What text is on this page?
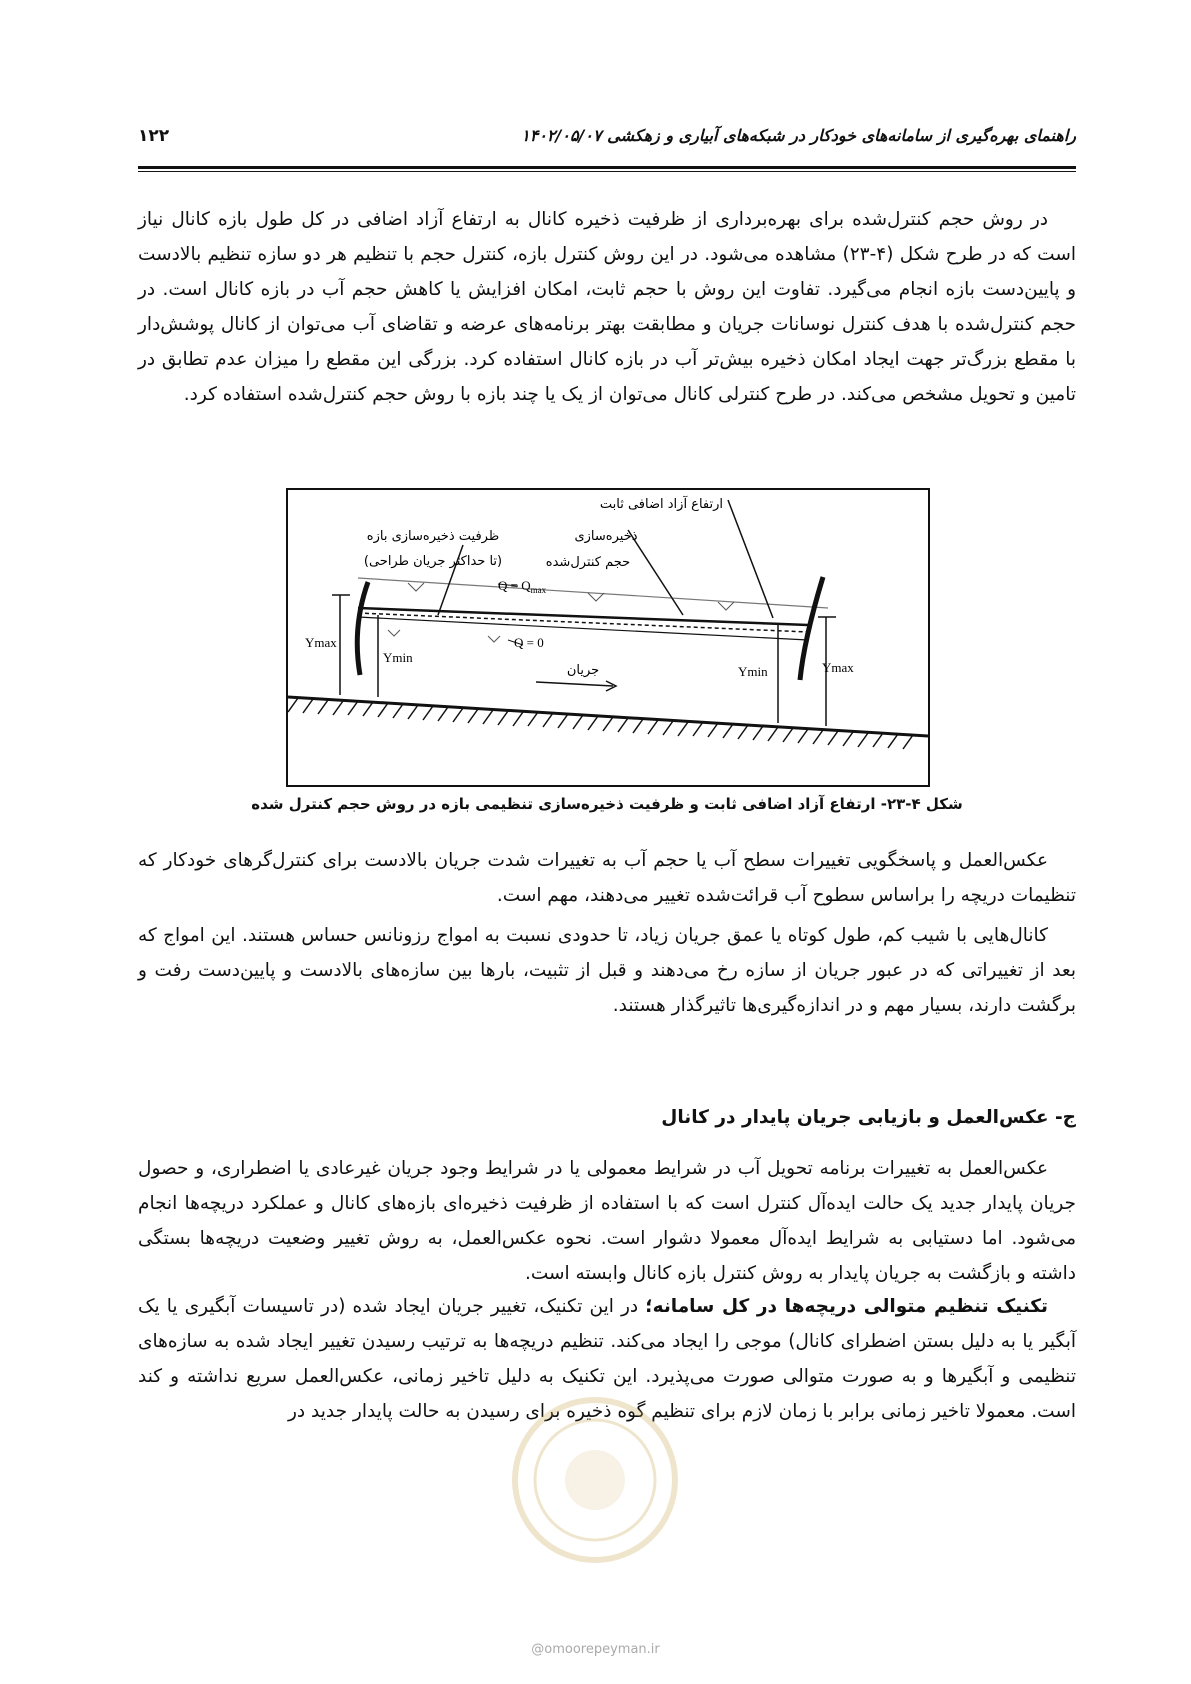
۱۲۲	راهنمای بهره‌گیری از سامانه‌های خودکار در شبکه‌های آبیاری و زهکشی ۱۴۰۲/۰۵/۰۷

در روش حجم کنترل‌شده برای بهره‌برداری از ظرفیت ذخیره کانال به ارتفاع آزاد اضافی در کل طول بازه کانال نیاز است که در طرح شکل (۴-۲۳) مشاهده می‌شود. در این روش کنترل بازه، کنترل حجم با تنظیم هر دو سازه تنظیم بالادست و پایین‌دست بازه انجام می‌گیرد. تفاوت این روش با حجم ثابت، امکان افزایش یا کاهش حجم آب در بازه کانال است. در حجم کنترل‌شده با هدف کنترل نوسانات جریان و مطابقت بهتر برنامه‌های عرضه و تقاضای آب می‌توان از کانال پوشش‌دار با مقطع بزرگ‌تر جهت ایجاد امکان ذخیره بیش‌تر آب در بازه کانال استفاده کرد. بزرگی این مقطع را میزان عدم تطابق در تامین و تحویل مشخص می‌کند. در طرح کنترلی کانال می‌توان از یک یا چند بازه با روش حجم کنترل‌شده استفاده کرد.

ارتفاع آزاد اضافی ثابت
ظرفیت ذخیره‌سازی بازه
(تا حداکثر جریان طراحی)
ذخیره‌سازی
حجم کنترل‌شده
$Q = Q_{max}$
Q = 0
Ymax
Ymin
Ymin	Ymax
جریان
شکل ۴-۲۳- ارتفاع آزاد اضافی ثابت و ظرفیت ذخیره‌سازی تنظیمی بازه در روش حجم کنترل شده

عکس‌العمل و پاسخگویی تغییرات سطح آب یا حجم آب به تغییرات شدت جریان بالادست برای کنترل‌گرهای خودکار که تنظیمات دریچه را براساس سطوح آب قرائت‌شده تغییر می‌دهند، مهم است.

کانال‌هایی با شیب کم، طول کوتاه یا عمق جریان زیاد، تا حدودی نسبت به امواج رزونانس حساس هستند. این امواج که بعد از تغییراتی که در عبور جریان از سازه رخ می‌دهند و قبل از تثبیت، بارها بین سازه‌های بالادست و پایین‌دست رفت و برگشت دارند، بسیار مهم و در اندازه‌گیری‌ها تاثیرگذار هستند.

ج- عکس‌العمل و بازیابی جریان پایدار در کانال

عکس‌العمل به تغییرات برنامه تحویل آب در شرایط معمولی یا در شرایط وجود جریان غیرعادی یا اضطراری، و حصول جریان پایدار جدید یک حالت ایده‌آل کنترل است که با استفاده از ظرفیت ذخیره‌ای بازه‌های کانال و عملکرد دریچه‌ها انجام می‌شود. اما دستیابی به شرایط ایده‌آل معمولا دشوار است. نحوه عکس‌العمل، به روش تغییر وضعیت دریچه‌ها بستگی داشته و بازگشت به جریان پایدار به روش کنترل بازه کانال وابسته است.

تکنیک تنظیم متوالی دریچه‌ها در کل سامانه؛ در این تکنیک، تغییر جریان ایجاد شده (در تاسیسات آبگیری یا یک آبگیر یا به دلیل بستن اضطرای کانال) موجی را ایجاد می‌کند. تنظیم دریچه‌ها به ترتیب رسیدن تغییر ایجاد شده به سازه‌های تنظیمی و آبگیرها و به صورت متوالی صورت می‌پذیرد. این تکنیک به دلیل تاخیر زمانی، عکس‌العمل سریع نداشته و کند است. معمولا تاخیر زمانی برابر با زمان لازم برای تنظیم گوه ذخیره برای رسیدن به حالت پایدار جدید در

@omoorepeyman.ir
